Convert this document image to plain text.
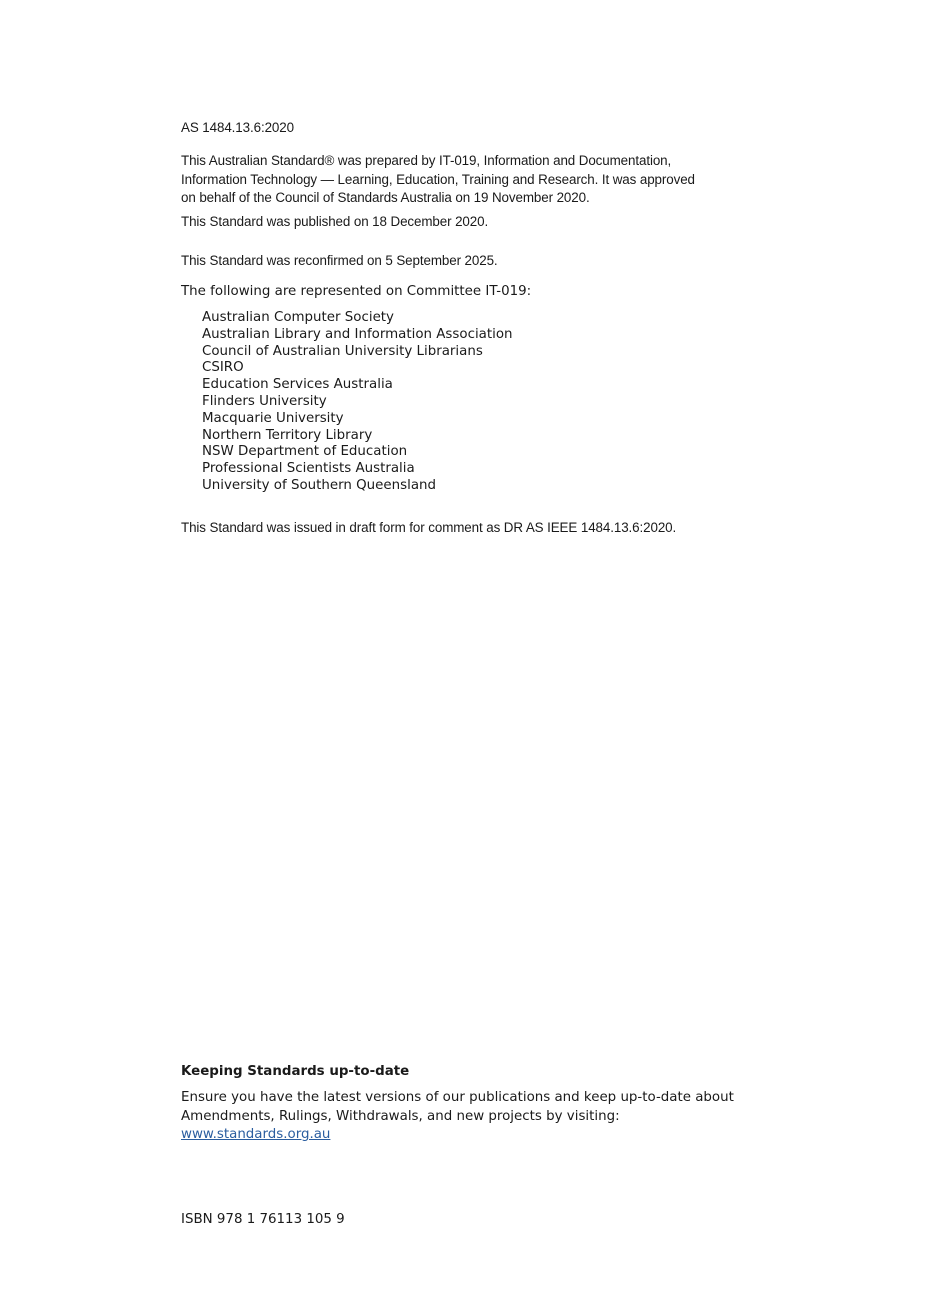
AS 1484.13.6:2020

This Australian Standard® was prepared by IT-019, Information and Documentation,
Information Technology — Learning, Education, Training and Research. It was approved
on behalf of the Council of Standards Australia on 19 November 2020.

This Standard was published on 18 December 2020.

This Standard was reconfirmed on 5 September 2025.

The following are represented on Committee IT-019:

Australian Computer Society
Australian Library and Information Association
Council of Australian University Librarians
CSIRO
Education Services Australia
Flinders University
Macquarie University
Northern Territory Library
NSW Department of Education
Professional Scientists Australia
University of Southern Queensland

This Standard was issued in draft form for comment as DR AS IEEE 1484.13.6:2020.

Keeping Standards up-to-date

Ensure you have the latest versions of our publications and keep up-to-date about
Amendments, Rulings, Withdrawals, and new projects by visiting:
www.standards.org.au

ISBN 978 1 76113 105 9
